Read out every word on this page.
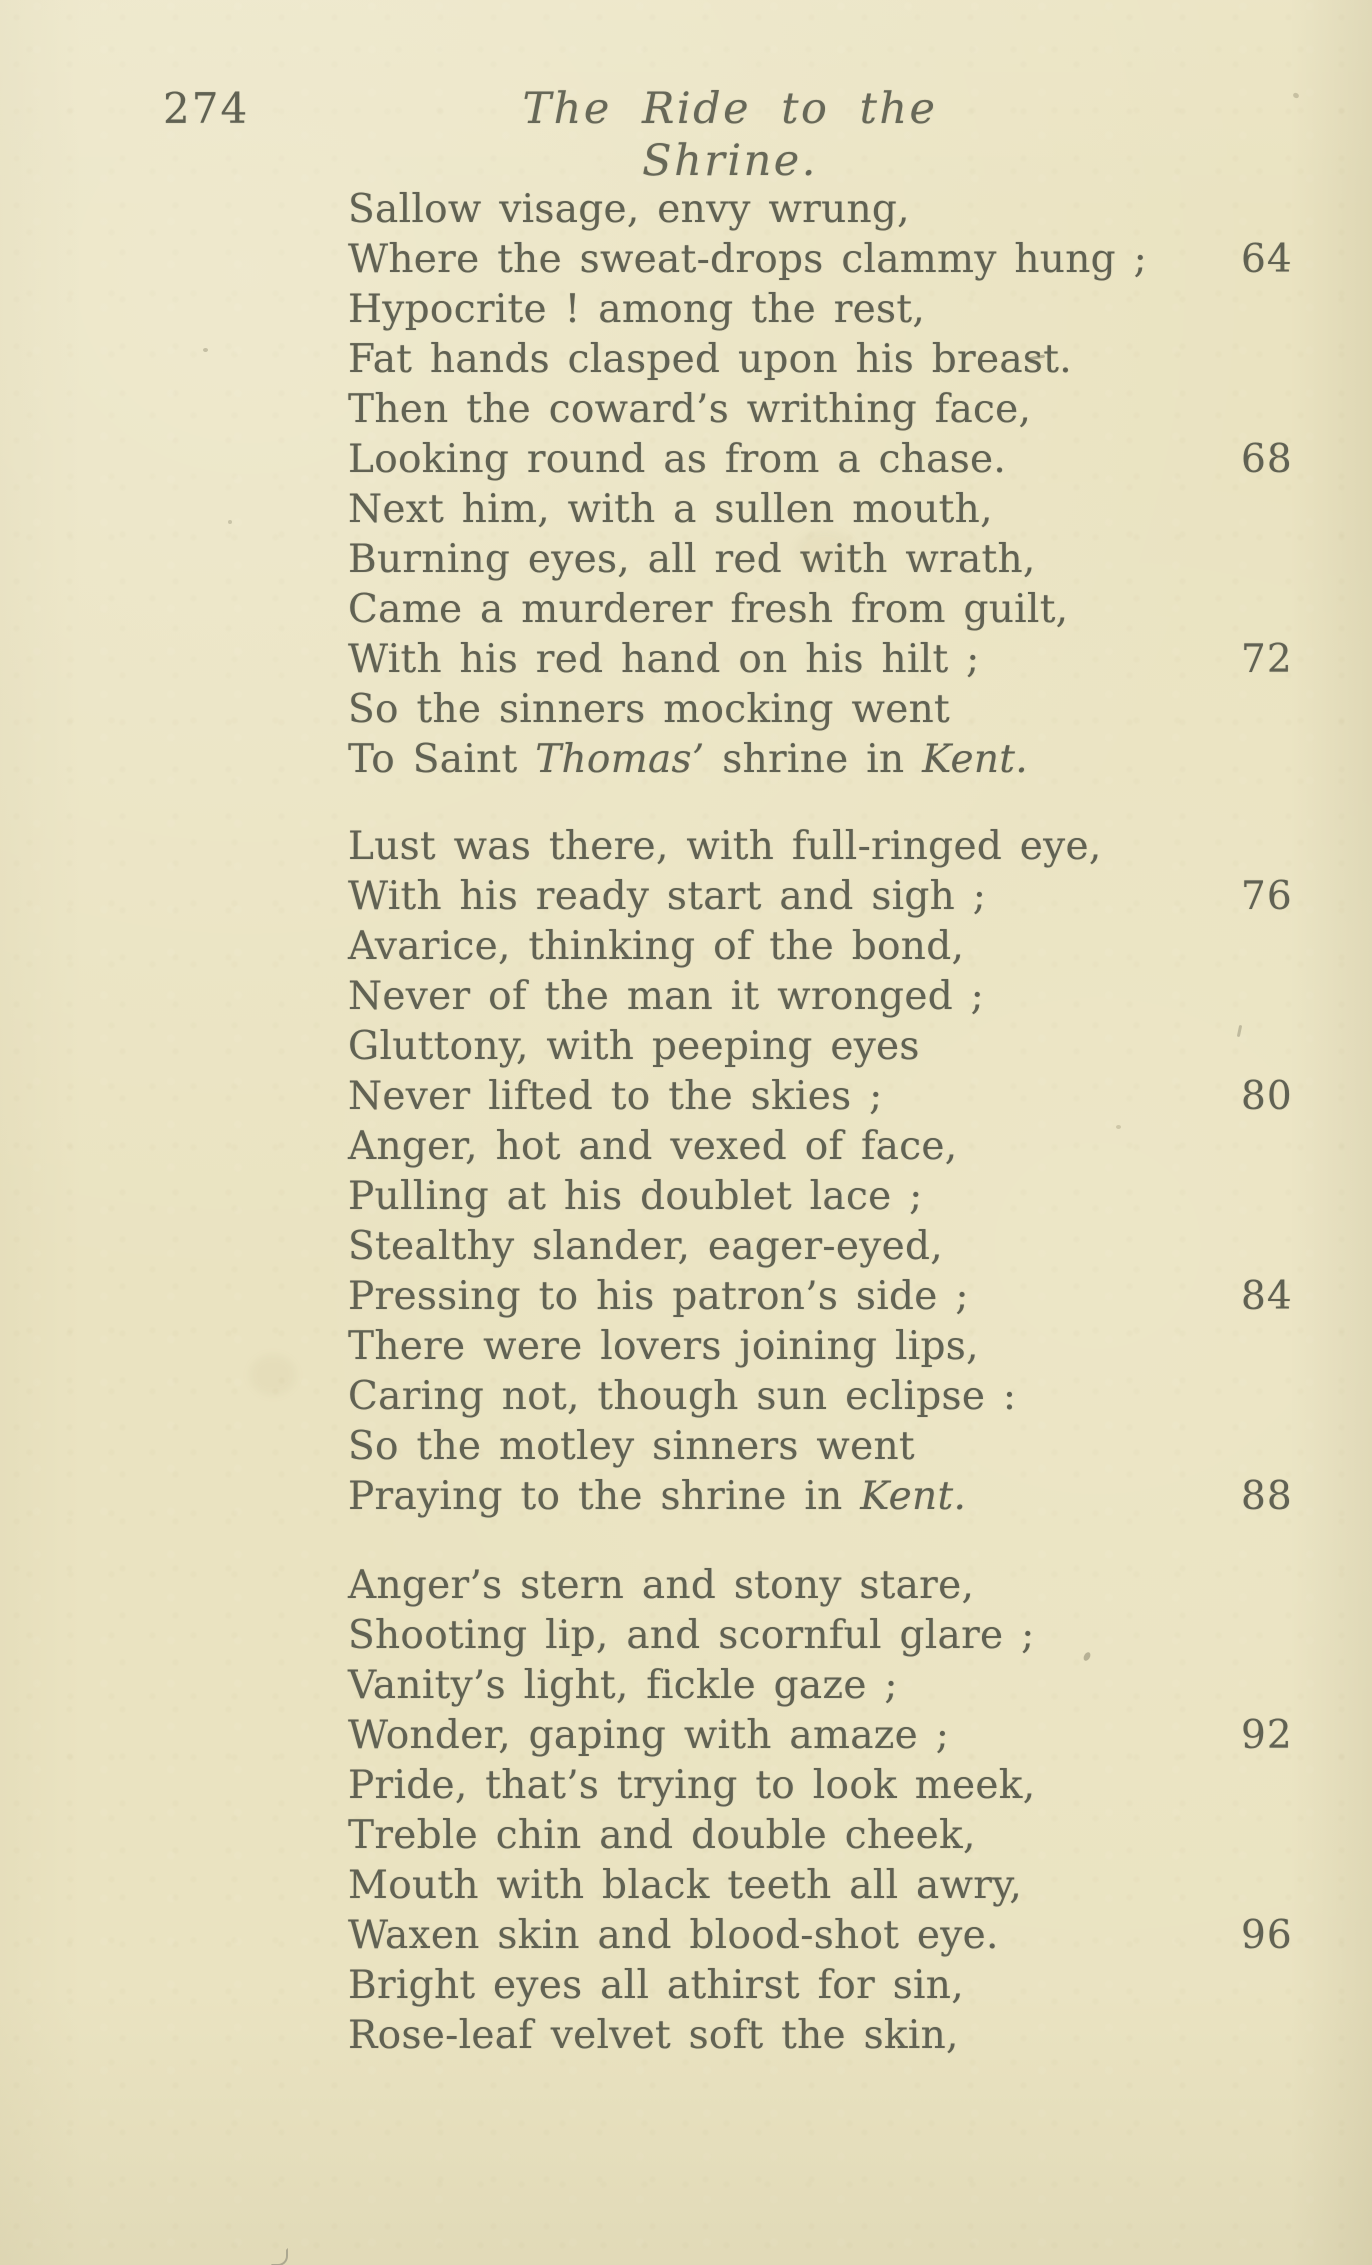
274	The Ride to the Shrine.
Sallow visage, envy wrung,
Where the sweat-drops clammy hung ; 64
Hypocrite ! among the rest,
Fat hands clasped upon his breast.
Then the coward’s writhing face,
Looking round as from a chase.	68
Next him, with a sullen mouth,
Burning eyes, all red with wrath,
Came a murderer fresh from guilt,
With his red hand on his hilt ;	72
So the sinners mocking went
To Saint Thomas’ shrine in Kent.
Lust was there, with full-ringed eye,
With his ready start and sigh ;	76
Avarice, thinking of the bond,
Never of the man it wronged ;
Gluttony, with peeping eyes
Never lifted to the skies ;	80
Anger, hot and vexed of face,
Pulling at his doublet lace ;
Stealthy slander, eager-eyed,
Pressing to his patron’s side ;	84
There were lovers joining lips,
Caring not, though sun eclipse :
So the motley sinners went
Praying to the shrine in Kent.	88
Anger’s stern and stony stare,
Shooting lip, and scornful glare ;
Vanity’s light, fickle gaze ;
Wonder, gaping with amaze ;	92
Pride, that’s trying to look meek,
Treble chin and double cheek,
Mouth with black teeth all awry,
Waxen skin and blood-shot eye.	96
Bright eyes all athirst for sin,
Rose-leaf velvet soft the skin,
